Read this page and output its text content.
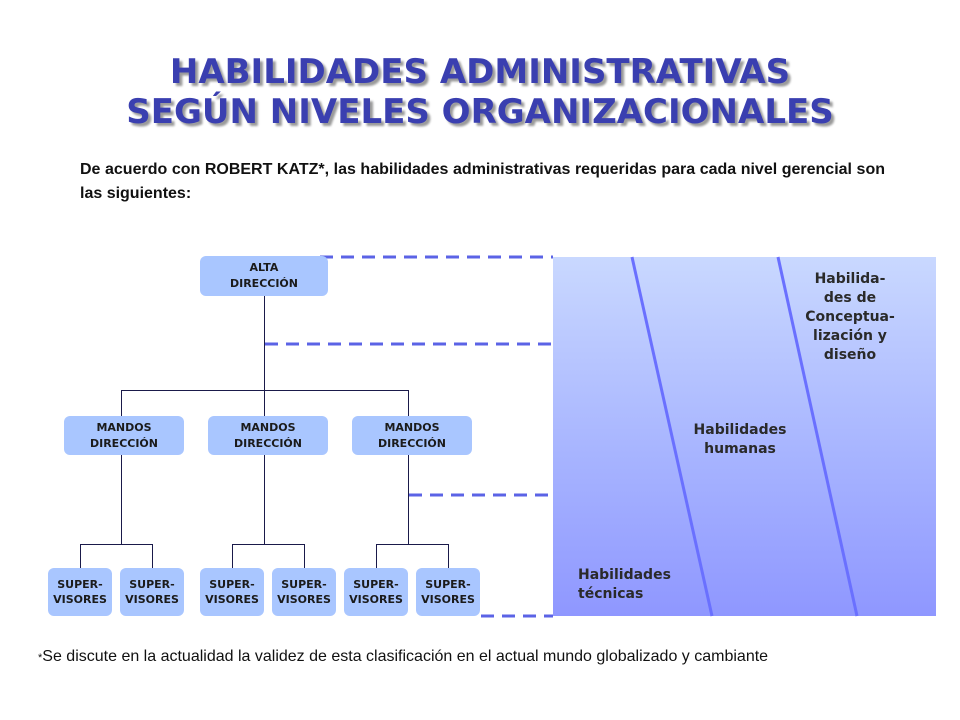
HABILIDADES ADMINISTRATIVAS
SEGÚN NIVELES ORGANIZACIONALES
De acuerdo con ROBERT KATZ*, las habilidades administrativas requeridas para cada nivel gerencial son las siguientes:
ALTA
DIRECCIÓN
MANDOS
DIRECCIÓN
MANDOS
DIRECCIÓN
MANDOS
DIRECCIÓN
SUPER-
VISORES
SUPER-
VISORES
SUPER-
VISORES
SUPER-
VISORES
SUPER-
VISORES
SUPER-
VISORES
Habilida-
des de
Conceptua-
lización y
diseño
Habilidades
humanas
Habilidades
técnicas
*Se discute en la actualidad la validez de esta clasificación en el actual mundo globalizado y cambiante
